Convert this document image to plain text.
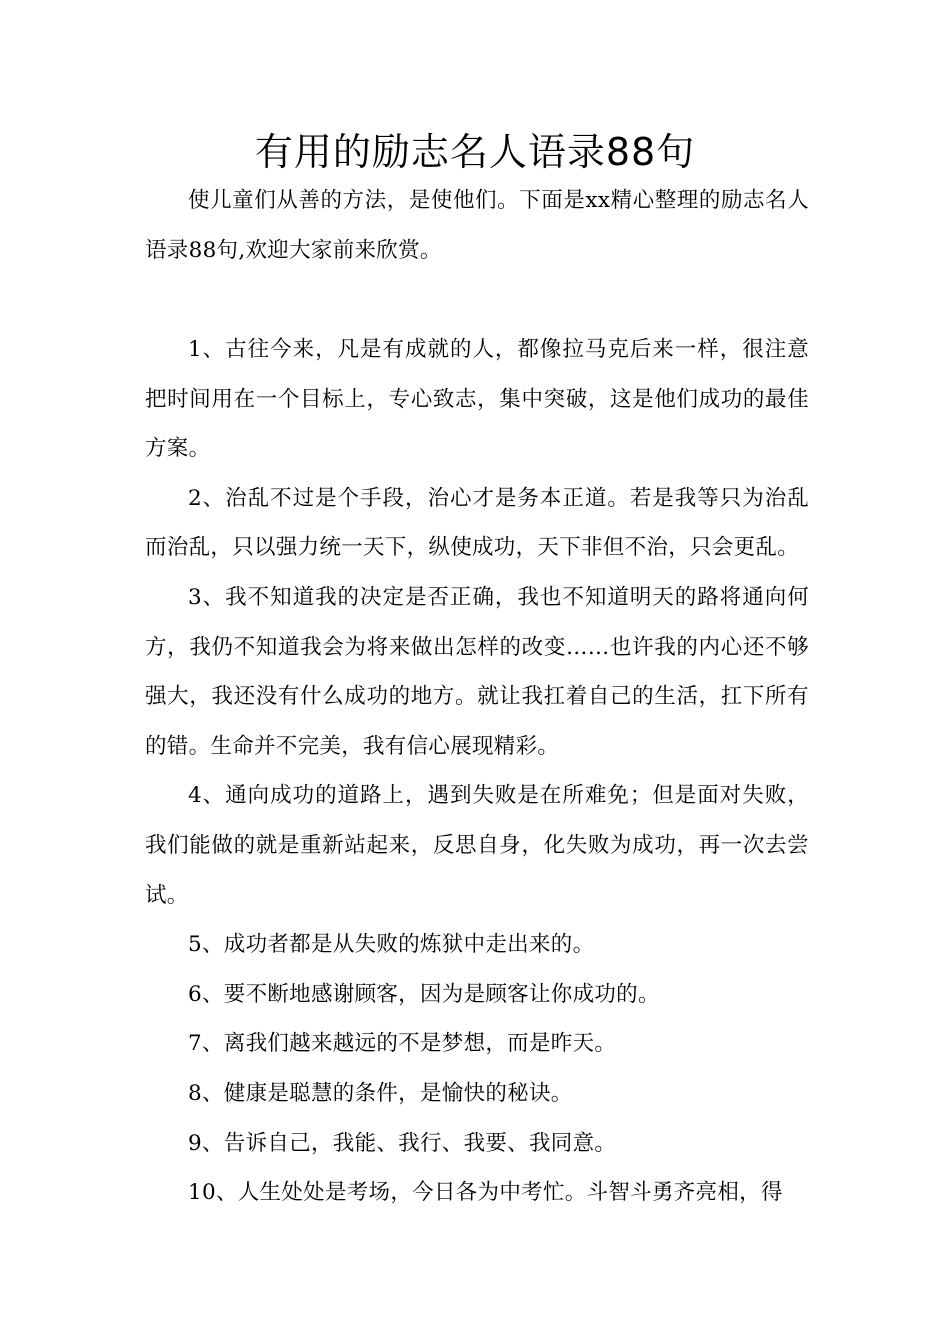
有用的励志名人语录88句

使儿童们从善的方法，是使他们。下面是xx精心整理的励志名人语录88句,欢迎大家前来欣赏。

1、古往今来，凡是有成就的人，都像拉马克后来一样，很注意把时间用在一个目标上，专心致志，集中突破，这是他们成功的最佳方案。

2、治乱不过是个手段，治心才是务本正道。若是我等只为治乱而治乱，只以强力统一天下，纵使成功，天下非但不治，只会更乱。

3、我不知道我的决定是否正确，我也不知道明天的路将通向何方，我仍不知道我会为将来做出怎样的改变……也许我的内心还不够强大，我还没有什么成功的地方。就让我扛着自己的生活，扛下所有的错。生命并不完美，我有信心展现精彩。

4、通向成功的道路上，遇到失败是在所难免；但是面对失败，我们能做的就是重新站起来，反思自身，化失败为成功，再一次去尝试。

5、成功者都是从失败的炼狱中走出来的。

6、要不断地感谢顾客，因为是顾客让你成功的。

7、离我们越来越远的不是梦想，而是昨天。

8、健康是聪慧的条件，是愉快的秘诀。

9、告诉自己，我能、我行、我要、我同意。

10、人生处处是考场，今日各为中考忙。斗智斗勇齐亮相，得
